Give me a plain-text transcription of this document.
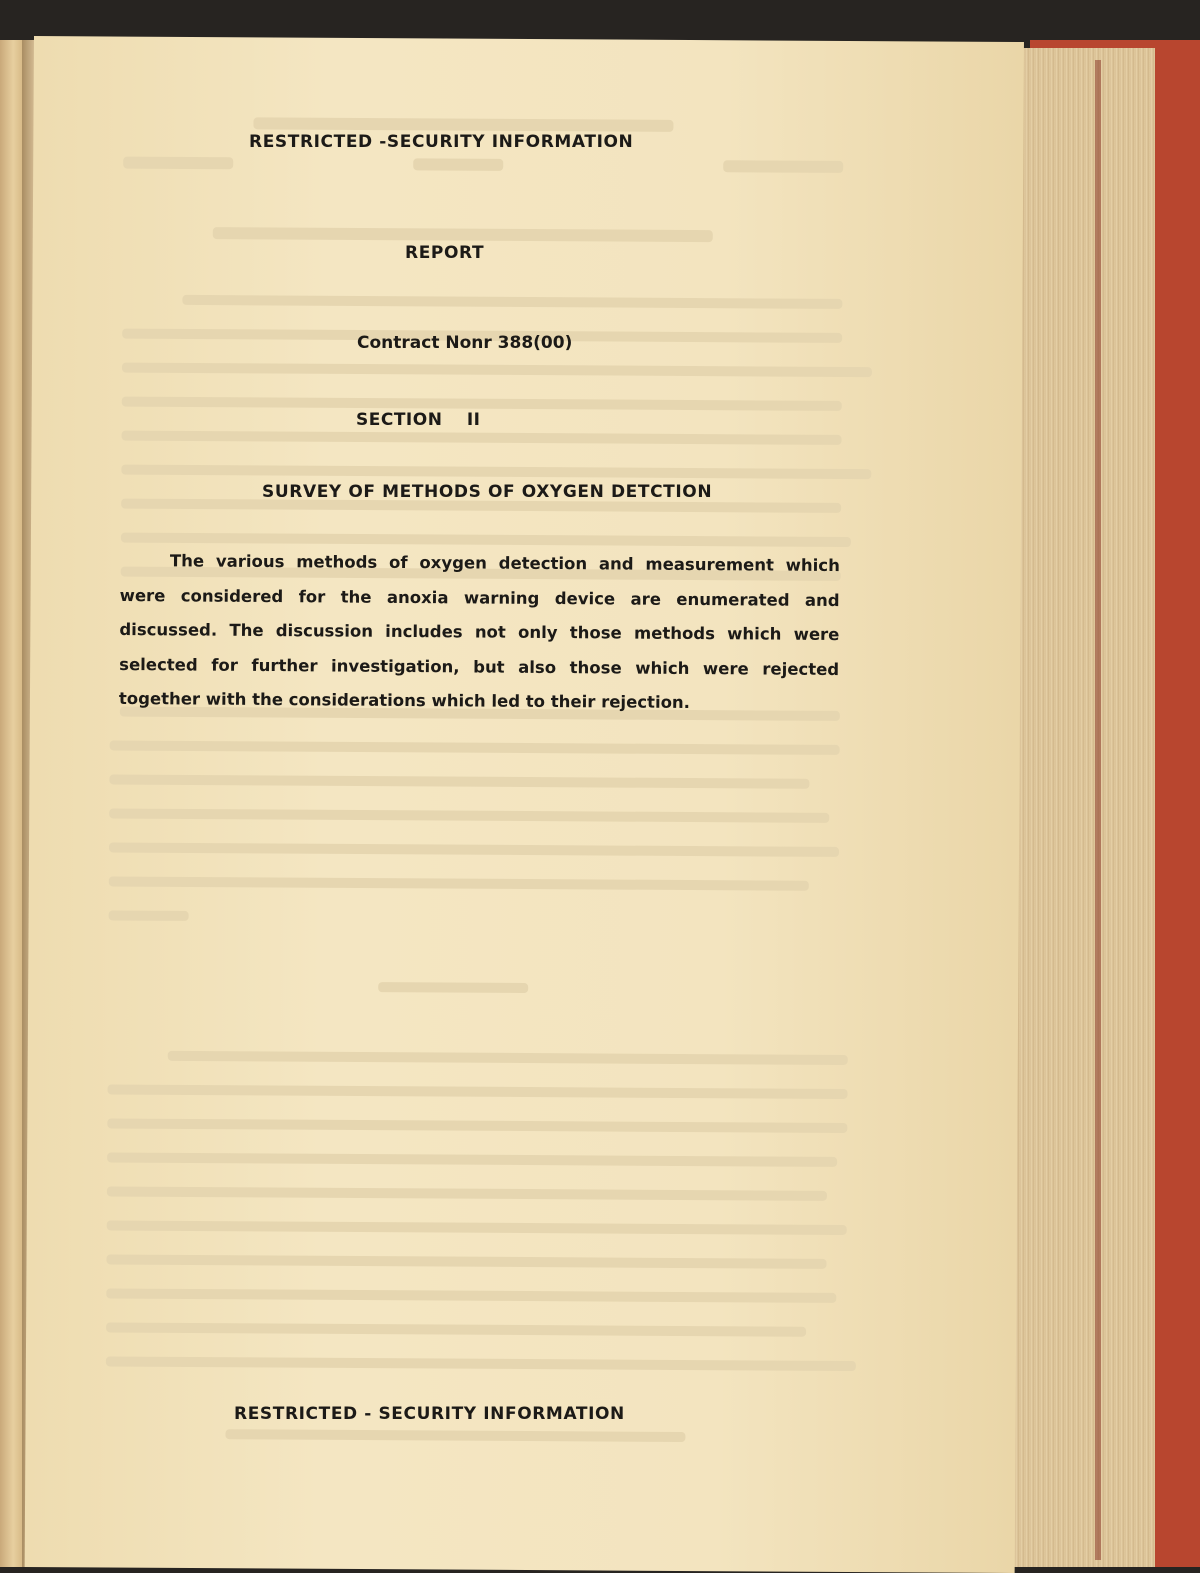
RESTRICTED -SECURITY INFORMATION
REPORT
Contract Nonr 388(00)
SECTION II
SURVEY OF METHODS OF OXYGEN DETCTION
The various methods of oxygen detection and measurement which were considered for the anoxia warning device are enumerated and discussed. The discussion includes not only those methods which were selected for further investigation, but also those which were rejected together with the considerations which led to their rejection.
RESTRICTED - SECURITY INFORMATION
